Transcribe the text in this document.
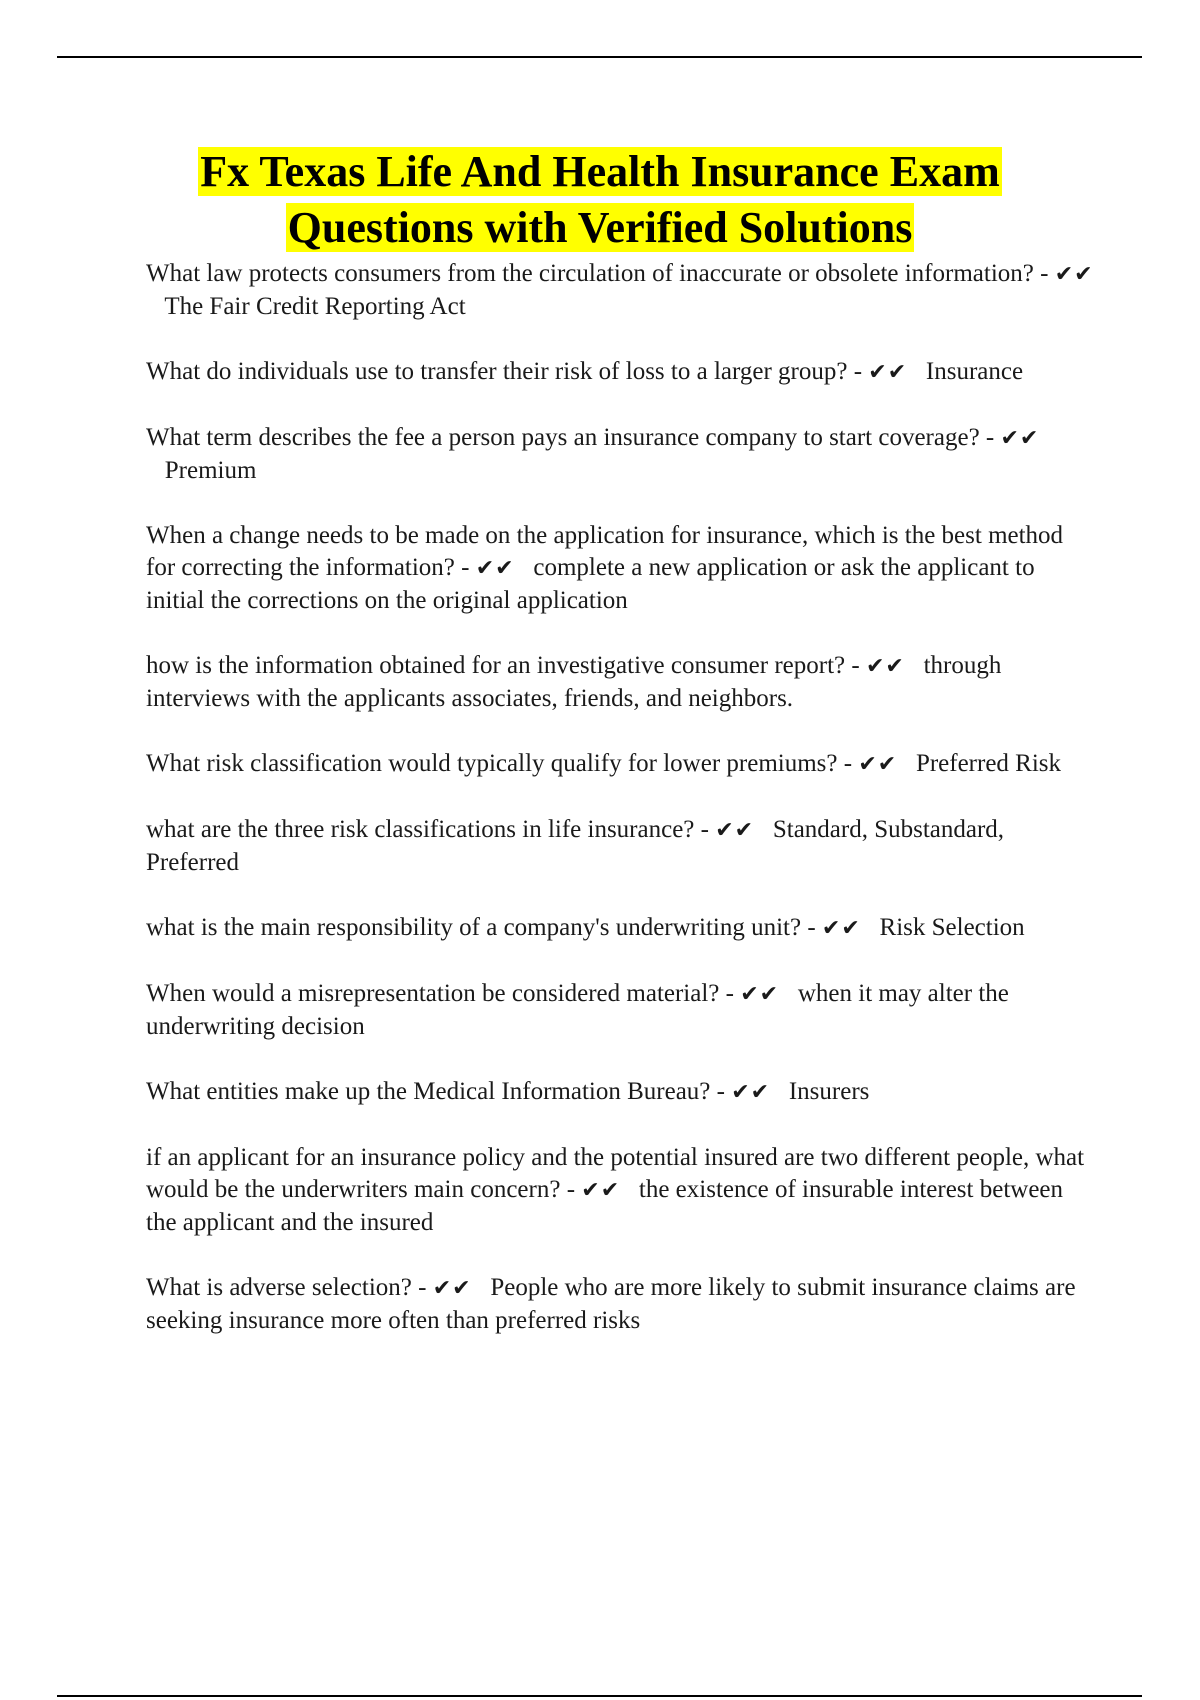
Fx Texas Life And Health Insurance Exam
Questions with Verified Solutions
What law protects consumers from the circulation of inaccurate or obsolete information? - ✔✔   The Fair Credit Reporting Act
What do individuals use to transfer their risk of loss to a larger group? - ✔✔ Insurance
What term describes the fee a person pays an insurance company to start coverage? - ✔✔   Premium
When a change needs to be made on the application for insurance, which is the best method for correcting the information? - ✔✔ complete a new application or ask the applicant to initial the corrections on the original application
how is the information obtained for an investigative consumer report? - ✔✔ through interviews with the applicants associates, friends, and neighbors.
What risk classification would typically qualify for lower premiums? - ✔✔ Preferred Risk
what are the three risk classifications in life insurance? - ✔✔ Standard, Substandard, Preferred
what is the main responsibility of a company's underwriting unit? - ✔✔ Risk Selection
When would a misrepresentation be considered material? - ✔✔ when it may alter the underwriting decision
What entities make up the Medical Information Bureau? - ✔✔ Insurers
if an applicant for an insurance policy and the potential insured are two different people, what would be the underwriters main concern? - ✔✔ the existence of insurable interest between the applicant and the insured
What is adverse selection? - ✔✔ People who are more likely to submit insurance claims are seeking insurance more often than preferred risks
